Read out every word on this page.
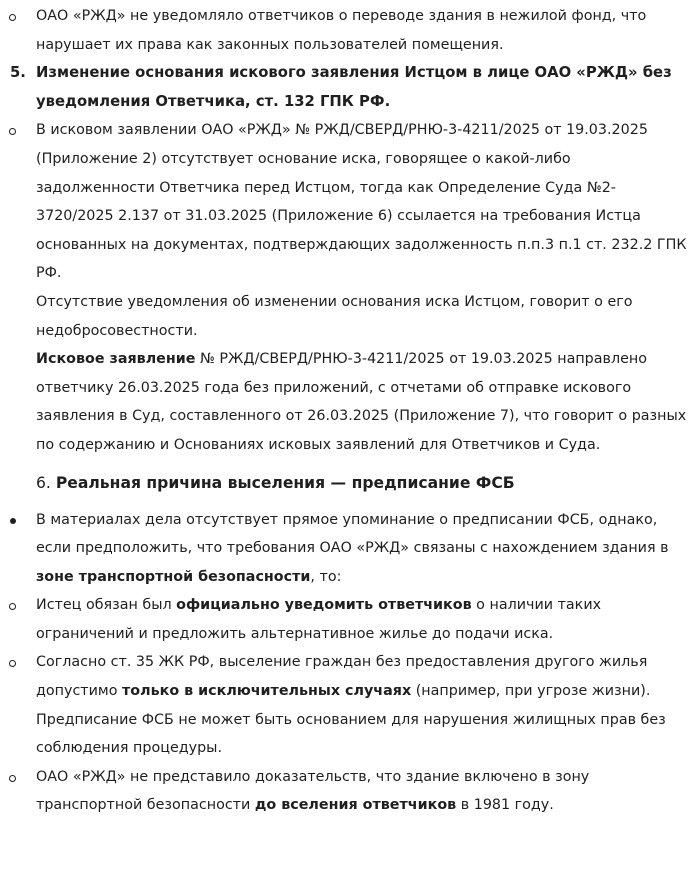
ОАО «РЖД» не уведомляло ответчиков о переводе здания в нежилой фонд, что нарушает их права как законных пользователей помещения.
5. Изменение основания искового заявления Истцом в лице ОАО «РЖД» без уведомления Ответчика, ст. 132 ГПК РФ.
В исковом заявлении ОАО «РЖД» № РЖД/СВЕРД/РНЮ-3-4211/2025 от 19.03.2025 (Приложение 2) отсутствует основание иска, говорящее о какой-либо задолженности Ответчика перед Истцом, тогда как Определение Суда №2-3720/2025 2.137 от 31.03.2025 (Приложение 6) ссылается на требования Истца основанных на документах, подтверждающих задолженность п.п.3 п.1 ст. 232.2 ГПК РФ.
Отсутствие уведомления об изменении основания иска Истцом, говорит о его недобросовестности.
Исковое заявление № РЖД/СВЕРД/РНЮ-3-4211/2025 от 19.03.2025 направлено ответчику 26.03.2025 года без приложений, с отчетами об отправке искового заявления в Суд, составленного от 26.03.2025 (Приложение 7), что говорит о разных по содержанию и Основаниях исковых заявлений для Ответчиков и Суда.
6. Реальная причина выселения — предписание ФСБ
В материалах дела отсутствует прямое упоминание о предписании ФСБ, однако, если предположить, что требования ОАО «РЖД» связаны с нахождением здания в зоне транспортной безопасности, то:
Истец обязан был официально уведомить ответчиков о наличии таких ограничений и предложить альтернативное жилье до подачи иска.
Согласно ст. 35 ЖК РФ, выселение граждан без предоставления другого жилья допустимо только в исключительных случаях (например, при угрозе жизни).
Предписание ФСБ не может быть основанием для нарушения жилищных прав без соблюдения процедуры.
ОАО «РЖД» не представило доказательств, что здание включено в зону транспортной безопасности до вселения ответчиков в 1981 году.
